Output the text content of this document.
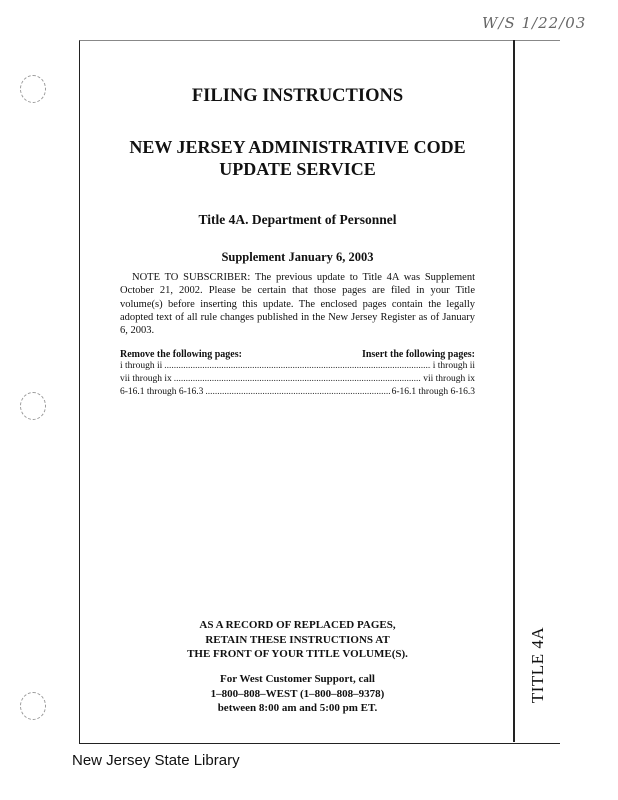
W/S 1/22/03
TITLE 4A
FILING INSTRUCTIONS
NEW JERSEY ADMINISTRATIVE CODE
UPDATE SERVICE
Title 4A. Department of Personnel
Supplement January 6, 2003
NOTE TO SUBSCRIBER: The previous update to Title 4A was Supplement October 21, 2002. Please be certain that those pages are filed in your Title volume(s) before inserting this update. The enclosed pages contain the legally adopted text of all rule changes published in the New Jersey Register as of January 6, 2003.
Remove the following pages:	Insert the following pages:
i through ii .....	i through ii
vii through ix .....	vii through ix
6-16.1 through 6-16.3 .....	6-16.1 through 6-16.3
AS A RECORD OF REPLACED PAGES,
RETAIN THESE INSTRUCTIONS AT
THE FRONT OF YOUR TITLE VOLUME(S).
For West Customer Support, call
1–800–808–WEST (1–800–808–9378)
between 8:00 am and 5:00 pm ET.
New Jersey State Library
